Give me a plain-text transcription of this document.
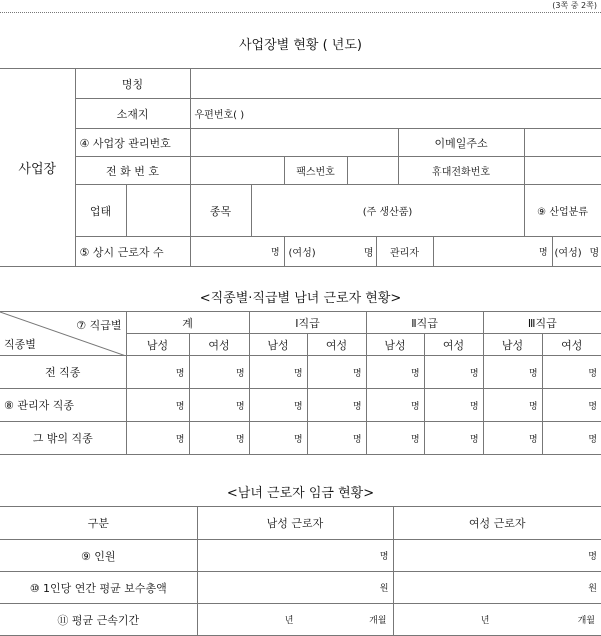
(3쪽 중 2쪽)
사업장별 현황 ( 년도)
사업장	명칭											
	소재지		우편번호( )									
	④ 사업장 관리번호							이메일주소				
	전 화 번 호				팩스번호			휴대전화번호				
	업태		종목	(주 생산품)						⑨ 산업분류		
	⑤ 상시 근로자 수		명		(여성) 명		관리자		명		(여성) 명	
<직종별·직급별 남녀 근로자 현황>
⑦ 직급별
직종별	계		Ⅰ직급		Ⅱ직급		Ⅲ직급	
	남성	여성	남성	여성	남성	여성	남성	여성
전 직종	명	명	명	명	명	명	명	명
⑧ 관리자 직종	명	명	명	명	명	명	명	명
그 밖의 직종	명	명	명	명	명	명	명	명
<남녀 근로자 임금 현황>
구분	남성 근로자	여성 근로자
⑨ 인원	명	명
⑩ 1인당 연간 평균 보수총액	원	원
⑪ 평균 근속기간	년 개월	년 개월
